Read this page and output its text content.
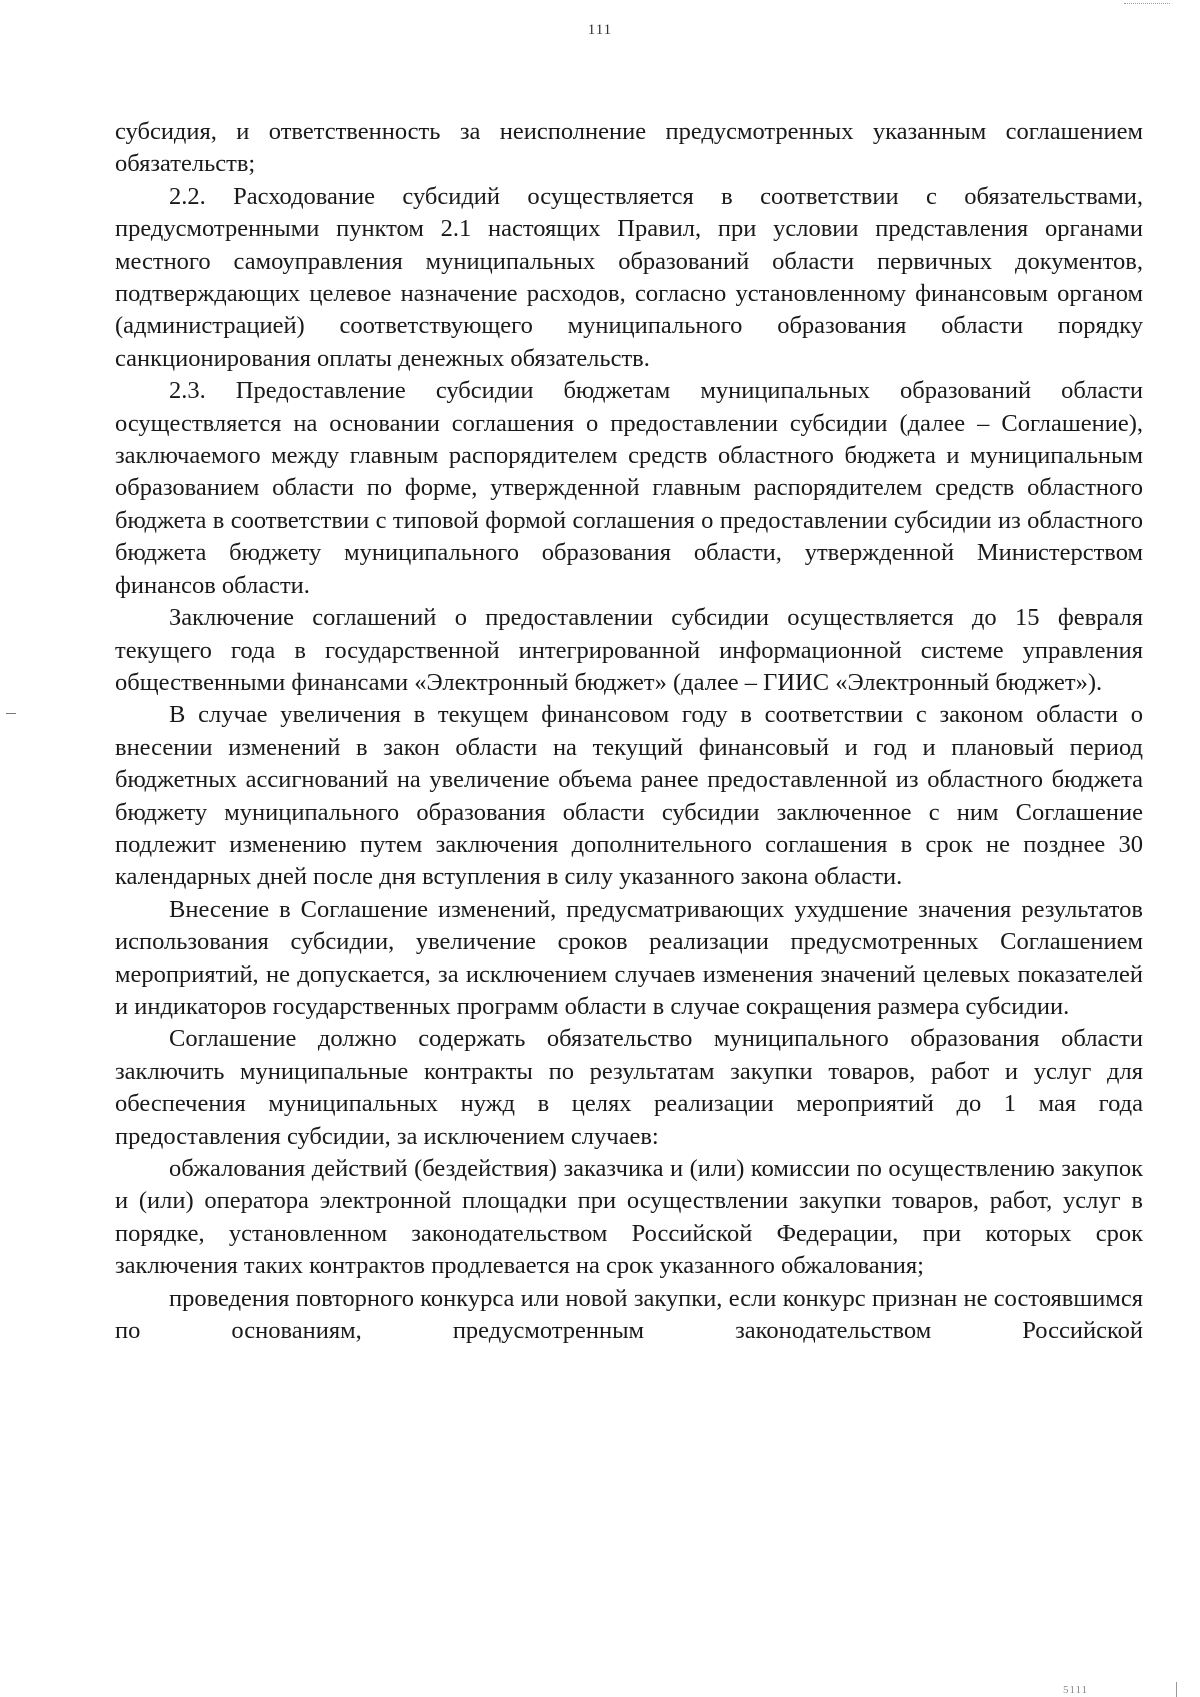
111

субсидия, и ответственность за неисполнение предусмотренных указанным соглашением обязательств;

2.2. Расходование субсидий осуществляется в соответствии с обязательствами, предусмотренными пунктом 2.1 настоящих Правил, при условии представления органами местного самоуправления муниципальных образований области первичных документов, подтверждающих целевое назначение расходов, согласно установленному финансовым органом (администрацией) соответствующего муниципального образования области порядку санкционирования оплаты денежных обязательств.

2.3. Предоставление субсидии бюджетам муниципальных образований области осуществляется на основании соглашения о предоставлении субсидии (далее – Соглашение), заключаемого между главным распорядителем средств областного бюджета и муниципальным образованием области по форме, утвержденной главным распорядителем средств областного бюджета в соответствии с типовой формой соглашения о предоставлении субсидии из областного бюджета бюджету муниципального образования области, утвержденной Министерством финансов области.

Заключение соглашений о предоставлении субсидии осуществляется до 15 февраля текущего года в государственной интегрированной информационной системе управления общественными финансами «Электронный бюджет» (далее – ГИИС «Электронный бюджет»).

В случае увеличения в текущем финансовом году в соответствии с законом области о внесении изменений в закон области на текущий финансовый и год и плановый период бюджетных ассигнований на увеличение объема ранее предоставленной из областного бюджета бюджету муниципального образования области субсидии заключенное с ним Соглашение подлежит изменению путем заключения дополнительного соглашения в срок не позднее 30 календарных дней после дня вступления в силу указанного закона области.

Внесение в Соглашение изменений, предусматривающих ухудшение значения результатов использования субсидии, увеличение сроков реализации предусмотренных Соглашением мероприятий, не допускается, за исключением случаев изменения значений целевых показателей и индикаторов государственных программ области в случае сокращения размера субсидии.

Соглашение должно содержать обязательство муниципального образования области заключить муниципальные контракты по результатам закупки товаров, работ и услуг для обеспечения муниципальных нужд в целях реализации мероприятий до 1 мая года предоставления субсидии, за исключением случаев:

обжалования действий (бездействия) заказчика и (или) комиссии по осуществлению закупок и (или) оператора электронной площадки при осуществлении закупки товаров, работ, услуг в порядке, установленном законодательством Российской Федерации, при которых срок заключения таких контрактов продлевается на срок указанного обжалования;

проведения повторного конкурса или новой закупки, если конкурс признан не состоявшимся по основаниям, предусмотренным законодательством Российской

5111
